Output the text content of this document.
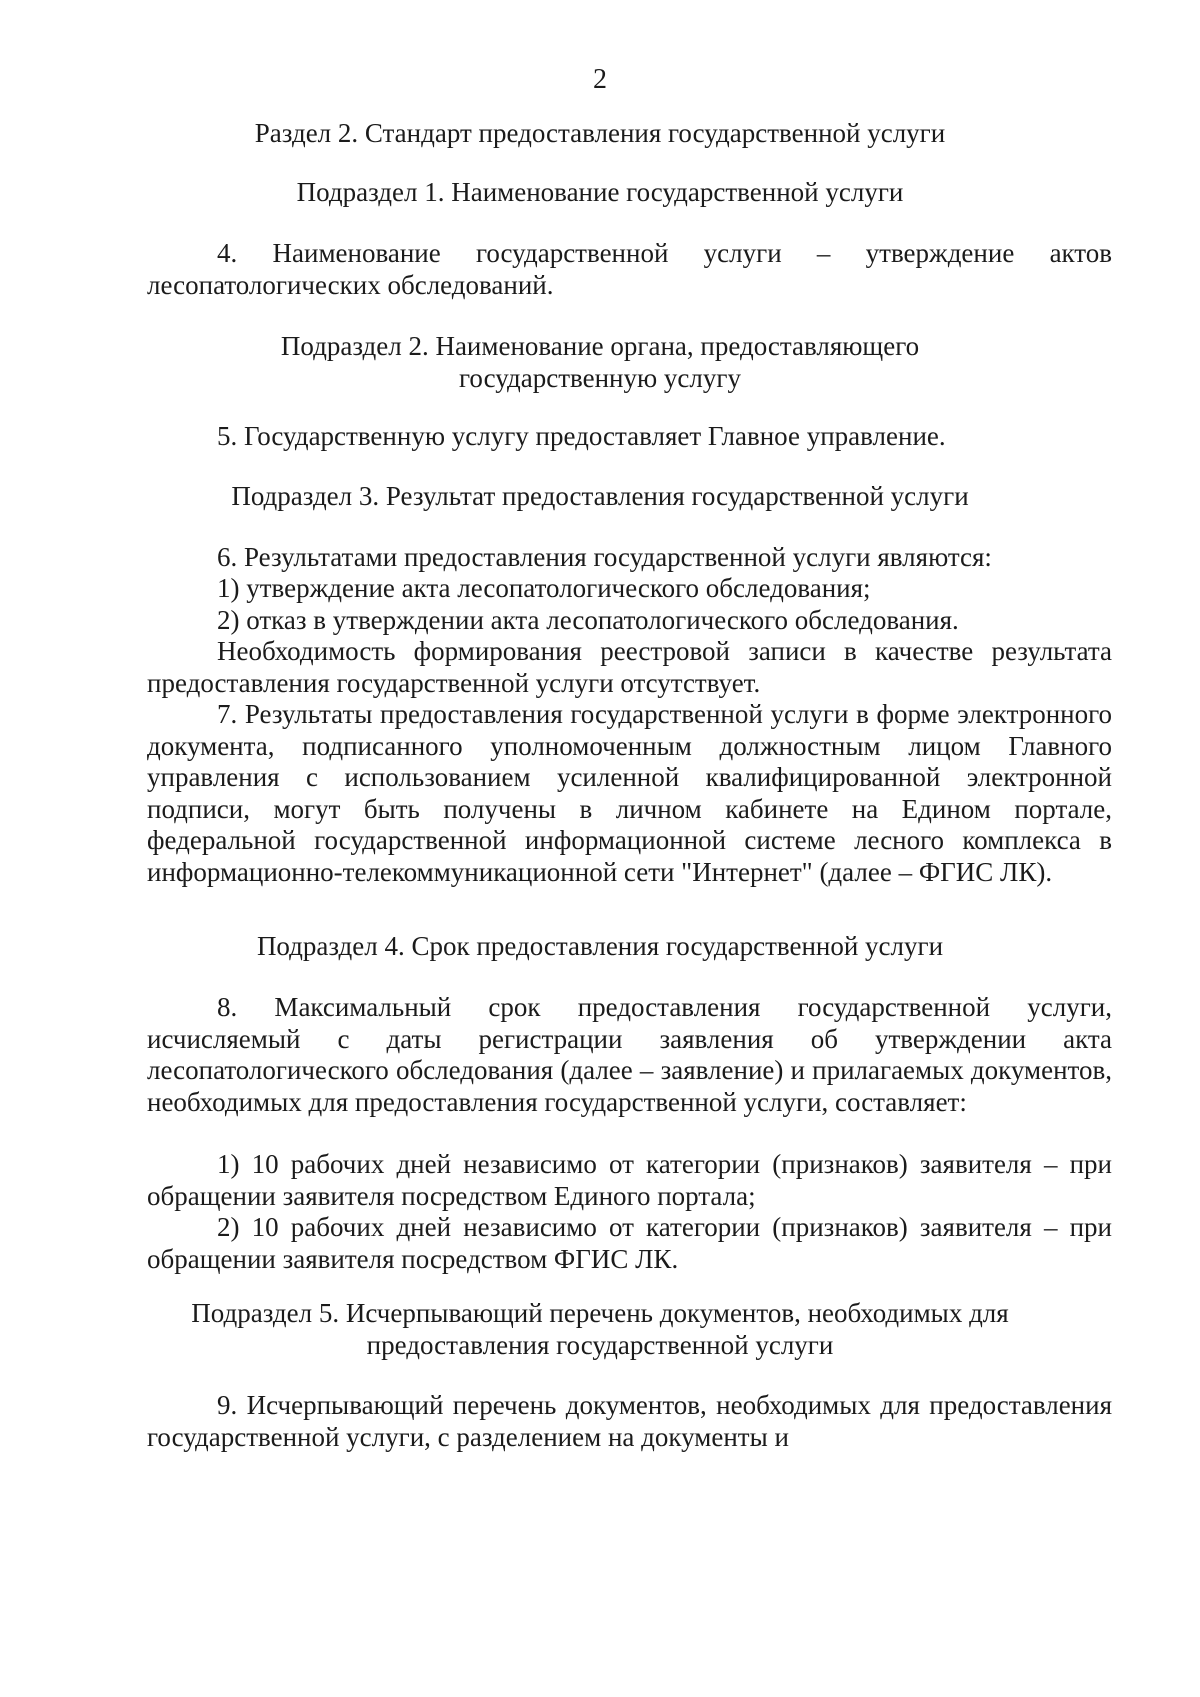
2
Раздел 2. Стандарт предоставления государственной услуги
Подраздел 1. Наименование государственной услуги
4. Наименование государственной услуги – утверждение актов лесопатологических обследований.
Подраздел 2. Наименование органа, предоставляющего
государственную услугу
5. Государственную услугу предоставляет Главное управление.
Подраздел 3. Результат предоставления государственной услуги
6. Результатами предоставления государственной услуги являются:
1) утверждение акта лесопатологического обследования;
2) отказ в утверждении акта лесопатологического обследования.
Необходимость формирования реестровой записи в качестве результата предоставления государственной услуги отсутствует.
7. Результаты предоставления государственной услуги в форме электронного документа, подписанного уполномоченным должностным лицом Главного управления с использованием усиленной квалифицированной электронной подписи, могут быть получены в личном кабинете на Едином портале, федеральной государственной информационной системе лесного комплекса в информационно-телекоммуникационной сети "Интернет" (далее – ФГИС ЛК).
Подраздел 4. Срок предоставления государственной услуги
8. Максимальный срок предоставления государственной услуги, исчисляемый с даты регистрации заявления об утверждении акта лесопатологического обследования (далее – заявление) и прилагаемых документов, необходимых для предоставления государственной услуги, составляет:
1) 10 рабочих дней независимо от категории (признаков) заявителя – при обращении заявителя посредством Единого портала;
2) 10 рабочих дней независимо от категории (признаков) заявителя – при обращении заявителя посредством ФГИС ЛК.
Подраздел 5. Исчерпывающий перечень документов, необходимых для
предоставления государственной услуги
9. Исчерпывающий перечень документов, необходимых для предоставления государственной услуги, с разделением на документы и
